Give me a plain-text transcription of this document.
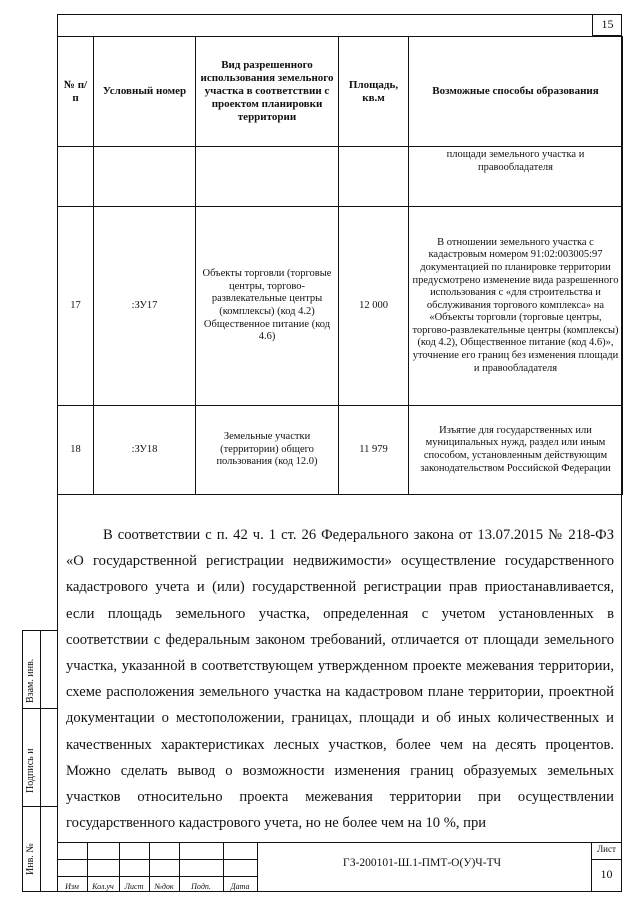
15
№ п/п	Условный номер	Вид разрешенного использования земельного участка в соответствии с проектом планировки территории	Площадь, кв.м	Возможные способы образования
				площади земельного участка и правообладателя
17	:ЗУ17	Объекты торговли (торговые центры, торгово-развлекательные центры (комплексы) (код 4.2) Общественное питание (код 4.6)	12 000	В отношении земельного участка с кадастровым номером 91:02:003005:97 документацией по планировке территории предусмотрено изменение вида разрешенного использования с «для строительства и обслуживания торгового комплекса» на «Объекты торговли (торговые центры, торгово-развлекательные центры (комплексы) (код 4.2), Общественное питание (код 4.6)», уточнение его границ без изменения площади и правообладателя
18	:ЗУ18	Земельные участки (территории) общего пользования (код 12.0)	11 979	Изъятие для государственных или муниципальных нужд, раздел или иным способом, установленным действующим законодательством Российской Федерации

В соответствии с п. 42 ч. 1 ст. 26 Федерального закона от 13.07.2015 № 218-ФЗ «О государственной регистрации недвижимости» осуществление государственного кадастрового учета и (или) государственной регистрации прав приостанавливается, если площадь земельного участка, определенная с учетом установленных в соответствии с федеральным законом требований, отличается от площади земельного участка, указанной в соответствующем утвержденном проекте межевания территории, схеме расположения земельного участка на кадастровом плане территории, проектной документации о местоположении, границах, площади и об иных количественных и качественных характеристиках лесных участков, более чем на десять процентов. Можно сделать вывод о возможности изменения границ образуемых земельных участков относительно проекта межевания территории при осуществлении государственного кадастрового учета, но не более чем на 10 %, при

Взам. инв.
Подпись и
Инв. №
Изм	Кол.уч	Лист	№док	Подп.	Дата
ГЗ-200101-Ш.1-ПМТ-О(У)Ч-ТЧ
Лист
10
